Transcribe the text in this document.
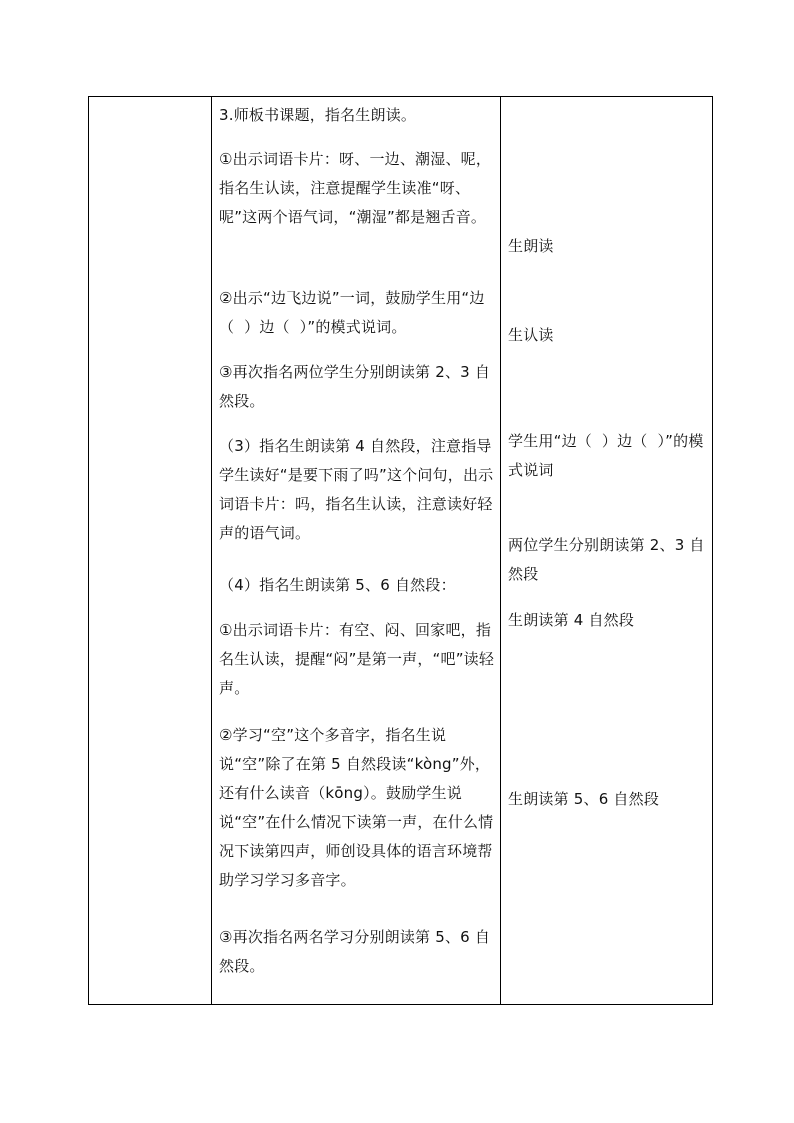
3.师板书课题，指名生朗读。
①出示词语卡片：呀、一边、潮湿、呢，指名生认读，注意提醒学生读准“呀、呢”这两个语气词，“潮湿”都是翘舌音。
②出示“边飞边说”一词，鼓励学生用“边（  ）边（  ）”的模式说词。
③再次指名两位学生分别朗读第 2、3 自然段。
（3）指名生朗读第 4 自然段，注意指导学生读好“是要下雨了吗”这个问句，出示词语卡片：吗，指名生认读，注意读好轻声的语气词。
（4）指名生朗读第 5、6 自然段：
①出示词语卡片：有空、闷、回家吧，指名生认读，提醒“闷”是第一声，“吧”读轻声。
②学习“空”这个多音字，指名生说说“空”除了在第 5 自然段读“kòng”外，还有什么读音（kōng）。鼓励学生说说“空”在什么情况下读第一声，在什么情况下读第四声，师创设具体的语言环境帮助学习学习多音字。
③再次指名两名学习分别朗读第 5、6 自然段。
生朗读
生认读
学生用“边（  ）边（  ）”的模式说词
两位学生分别朗读第 2、3 自然段
生朗读第 4 自然段
生朗读第 5、6 自然段
